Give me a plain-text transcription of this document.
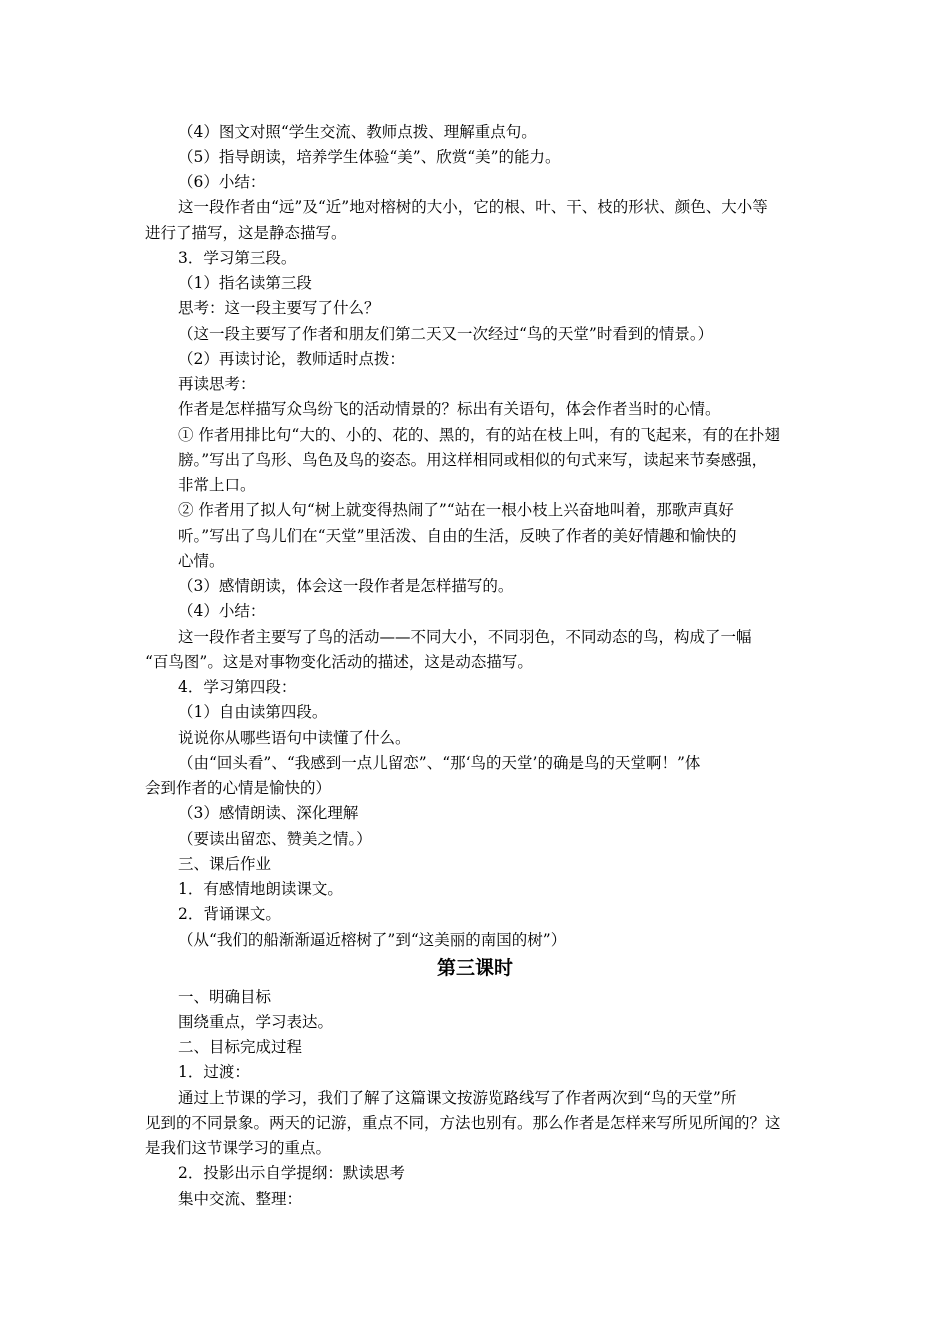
（4）图文对照“学生交流、教师点拨、理解重点句。
（5）指导朗读，培养学生体验“美”、欣赏“美”的能力。
（6）小结：
这一段作者由“远”及“近”地对榕树的大小，它的根、叶、干、枝的形状、颜色、大小等
进行了描写，这是静态描写。
3．学习第三段。
（1）指名读第三段
思考：这一段主要写了什么？
（这一段主要写了作者和朋友们第二天又一次经过“鸟的天堂”时看到的情景。）
（2）再读讨论，教师适时点拨：
再读思考：
作者是怎样描写众鸟纷飞的活动情景的？标出有关语句，体会作者当时的心情。
① 作者用排比句“大的、小的、花的、黑的，有的站在枝上叫，有的飞起来，有的在扑翅
膀。”写出了鸟形、鸟色及鸟的姿态。用这样相同或相似的句式来写，读起来节奏感强，
非常上口。
② 作者用了拟人句“树上就变得热闹了”“站在一根小枝上兴奋地叫着，那歌声真好
听。”写出了鸟儿们在“天堂”里活泼、自由的生活，反映了作者的美好情趣和愉快的
心情。
（3）感情朗读，体会这一段作者是怎样描写的。
（4）小结：
这一段作者主要写了鸟的活动——不同大小，不同羽色，不同动态的鸟，构成了一幅
“百鸟图”。这是对事物变化活动的描述，这是动态描写。
4．学习第四段：
（1）自由读第四段。
说说你从哪些语句中读懂了什么。
（由“回头看”、“我感到一点儿留恋”、“那‘鸟的天堂’的确是鸟的天堂啊！”体
会到作者的心情是愉快的）
（3）感情朗读、深化理解
（要读出留恋、赞美之情。）
三、课后作业
1．有感情地朗读课文。
2．背诵课文。
（从“我们的船渐渐逼近榕树了”到“这美丽的南国的树”）
第三课时
一、明确目标
围绕重点，学习表达。
二、目标完成过程
1．过渡：
通过上节课的学习，我们了解了这篇课文按游览路线写了作者两次到“鸟的天堂”所
见到的不同景象。两天的记游，重点不同，方法也别有。那么作者是怎样来写所见所闻的？这
是我们这节课学习的重点。
2．投影出示自学提纲：默读思考
集中交流、整理：
